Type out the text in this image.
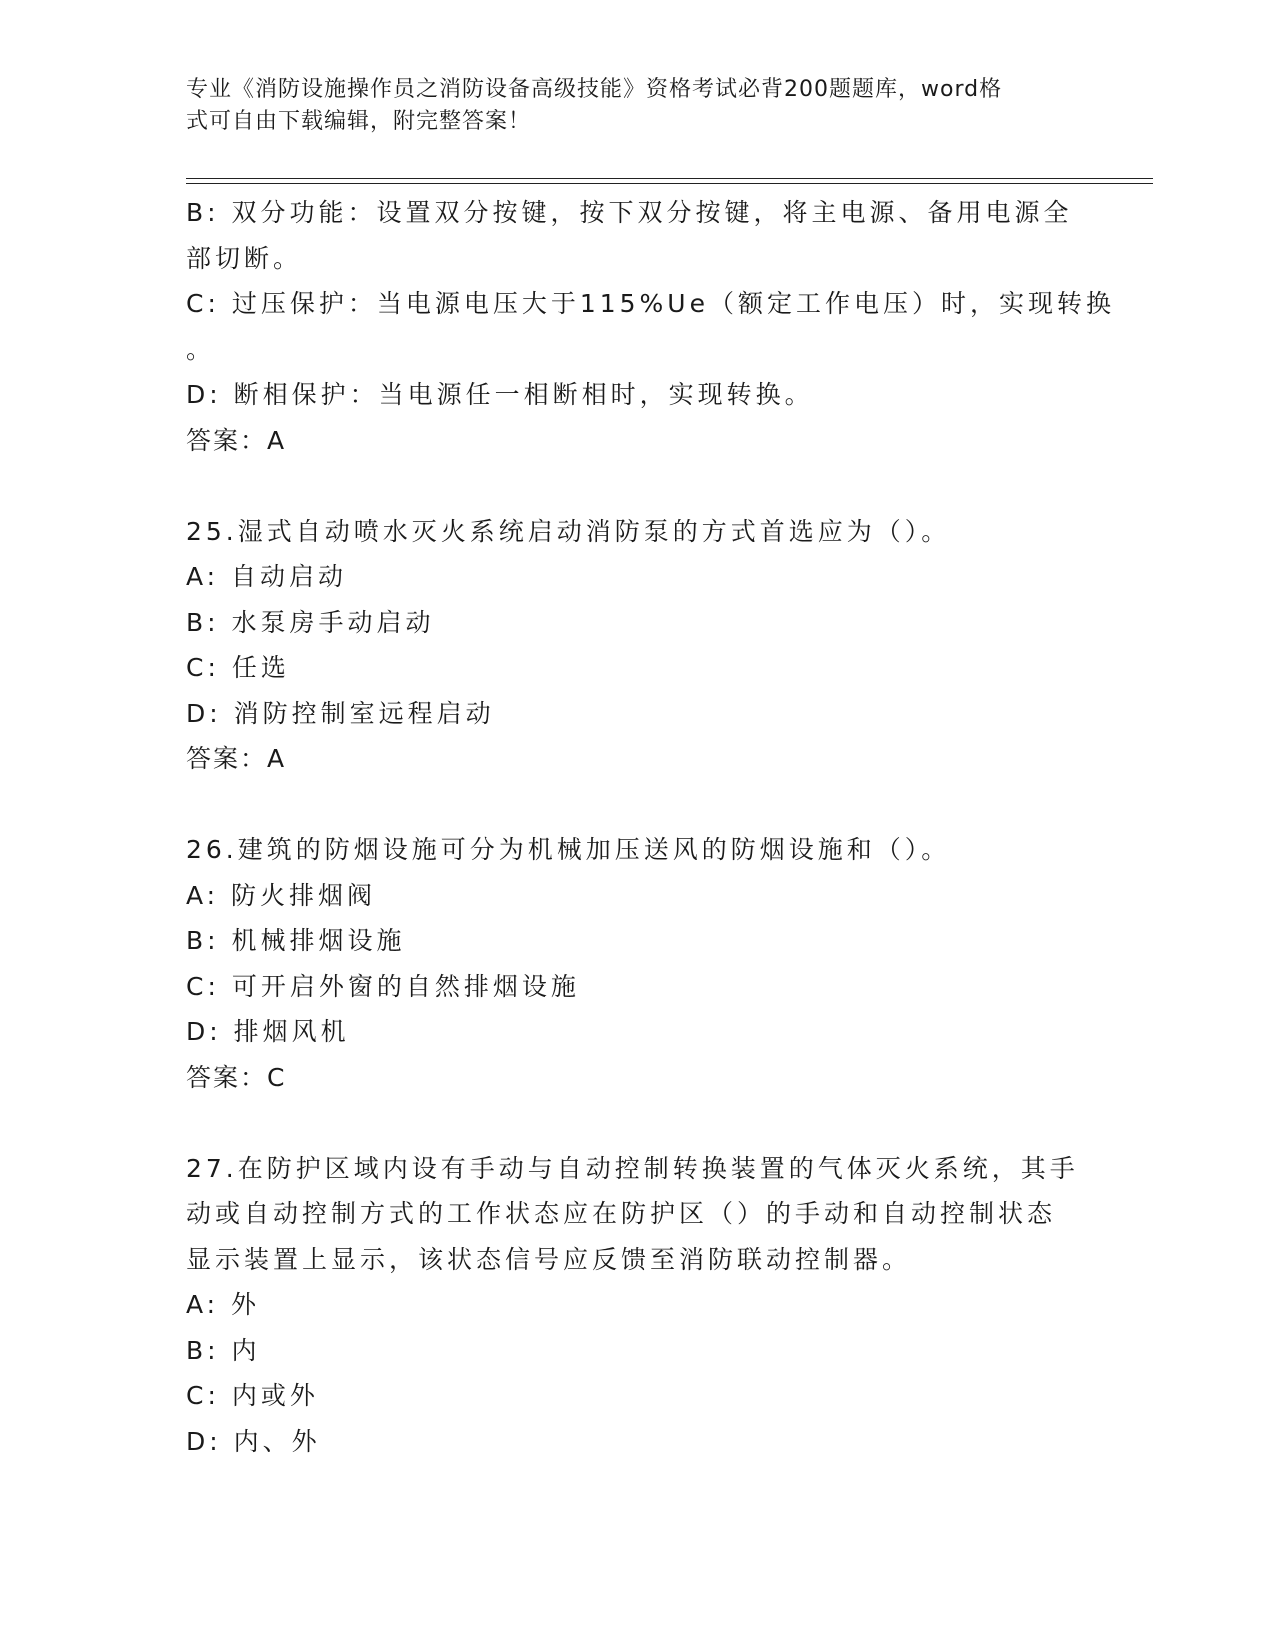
专业《消防设施操作员之消防设备高级技能》资格考试必背200题题库，word格
式可自由下载编辑，附完整答案！
B: 双分功能：设置双分按键，按下双分按键，将主电源、备用电源全
部切断。
C: 过压保护：当电源电压大于115%Ue（额定工作电压）时，实现转换
。
D: 断相保护：当电源任一相断相时，实现转换。
答案：A
25.湿式自动喷水灭火系统启动消防泵的方式首选应为（）。
A: 自动启动
B: 水泵房手动启动
C: 任选
D: 消防控制室远程启动
答案：A
26.建筑的防烟设施可分为机械加压送风的防烟设施和（）。
A: 防火排烟阀
B: 机械排烟设施
C: 可开启外窗的自然排烟设施
D: 排烟风机
答案：C
27.在防护区域内设有手动与自动控制转换装置的气体灭火系统，其手
动或自动控制方式的工作状态应在防护区（）的手动和自动控制状态
显示装置上显示，该状态信号应反馈至消防联动控制器。
A: 外
B: 内
C: 内或外
D: 内、外
